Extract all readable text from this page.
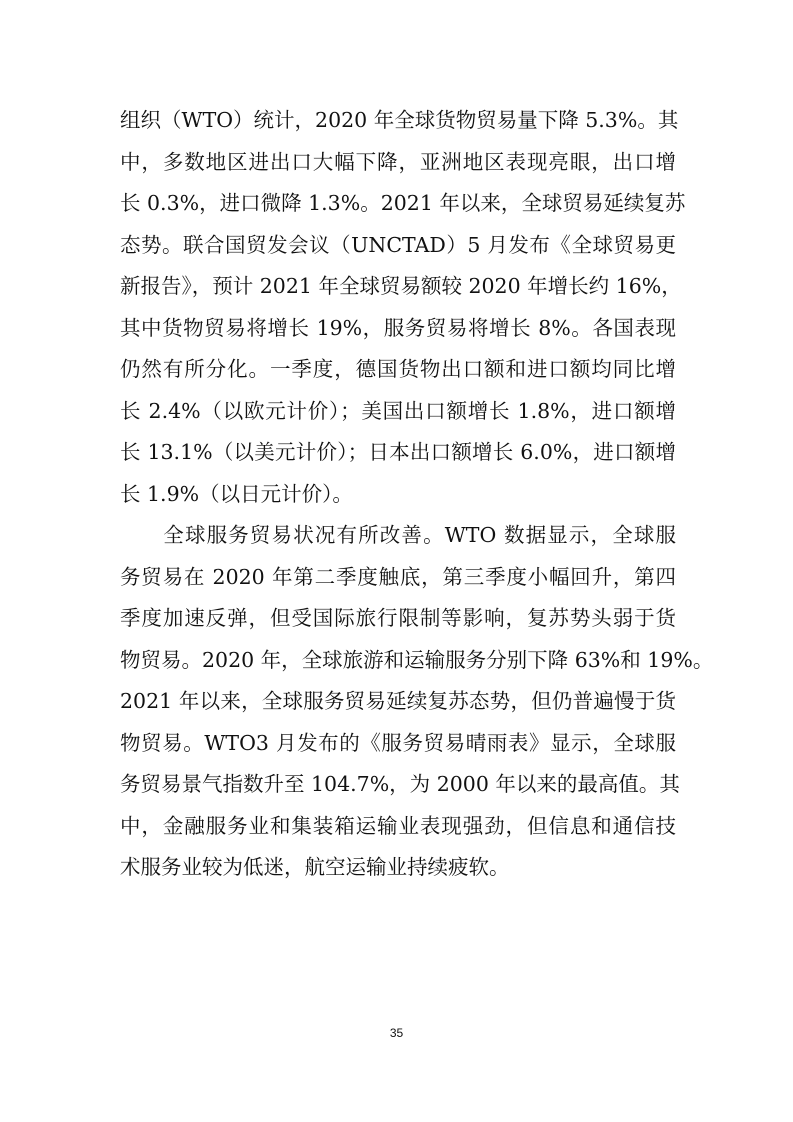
组织（WTO）统计，2020 年全球货物贸易量下降 5.3%。其
中，多数地区进出口大幅下降，亚洲地区表现亮眼，出口增
长 0.3%，进口微降 1.3%。2021 年以来，全球贸易延续复苏
态势。联合国贸发会议（UNCTAD）5 月发布《全球贸易更
新报告》，预计 2021 年全球贸易额较 2020 年增长约 16%，
其中货物贸易将增长 19%，服务贸易将增长 8%。各国表现
仍然有所分化。一季度，德国货物出口额和进口额均同比增
长 2.4%（以欧元计价）；美国出口额增长 1.8%，进口额增
长 13.1%（以美元计价）；日本出口额增长 6.0%，进口额增
长 1.9%（以日元计价）。
　　全球服务贸易状况有所改善。WTO 数据显示，全球服
务贸易在 2020 年第二季度触底，第三季度小幅回升，第四
季度加速反弹，但受国际旅行限制等影响，复苏势头弱于货
物贸易。2020 年，全球旅游和运输服务分别下降 63%和 19%。
2021 年以来，全球服务贸易延续复苏态势，但仍普遍慢于货
物贸易。WTO3 月发布的《服务贸易晴雨表》显示，全球服
务贸易景气指数升至 104.7%，为 2000 年以来的最高值。其
中，金融服务业和集装箱运输业表现强劲，但信息和通信技
术服务业较为低迷，航空运输业持续疲软。
35
